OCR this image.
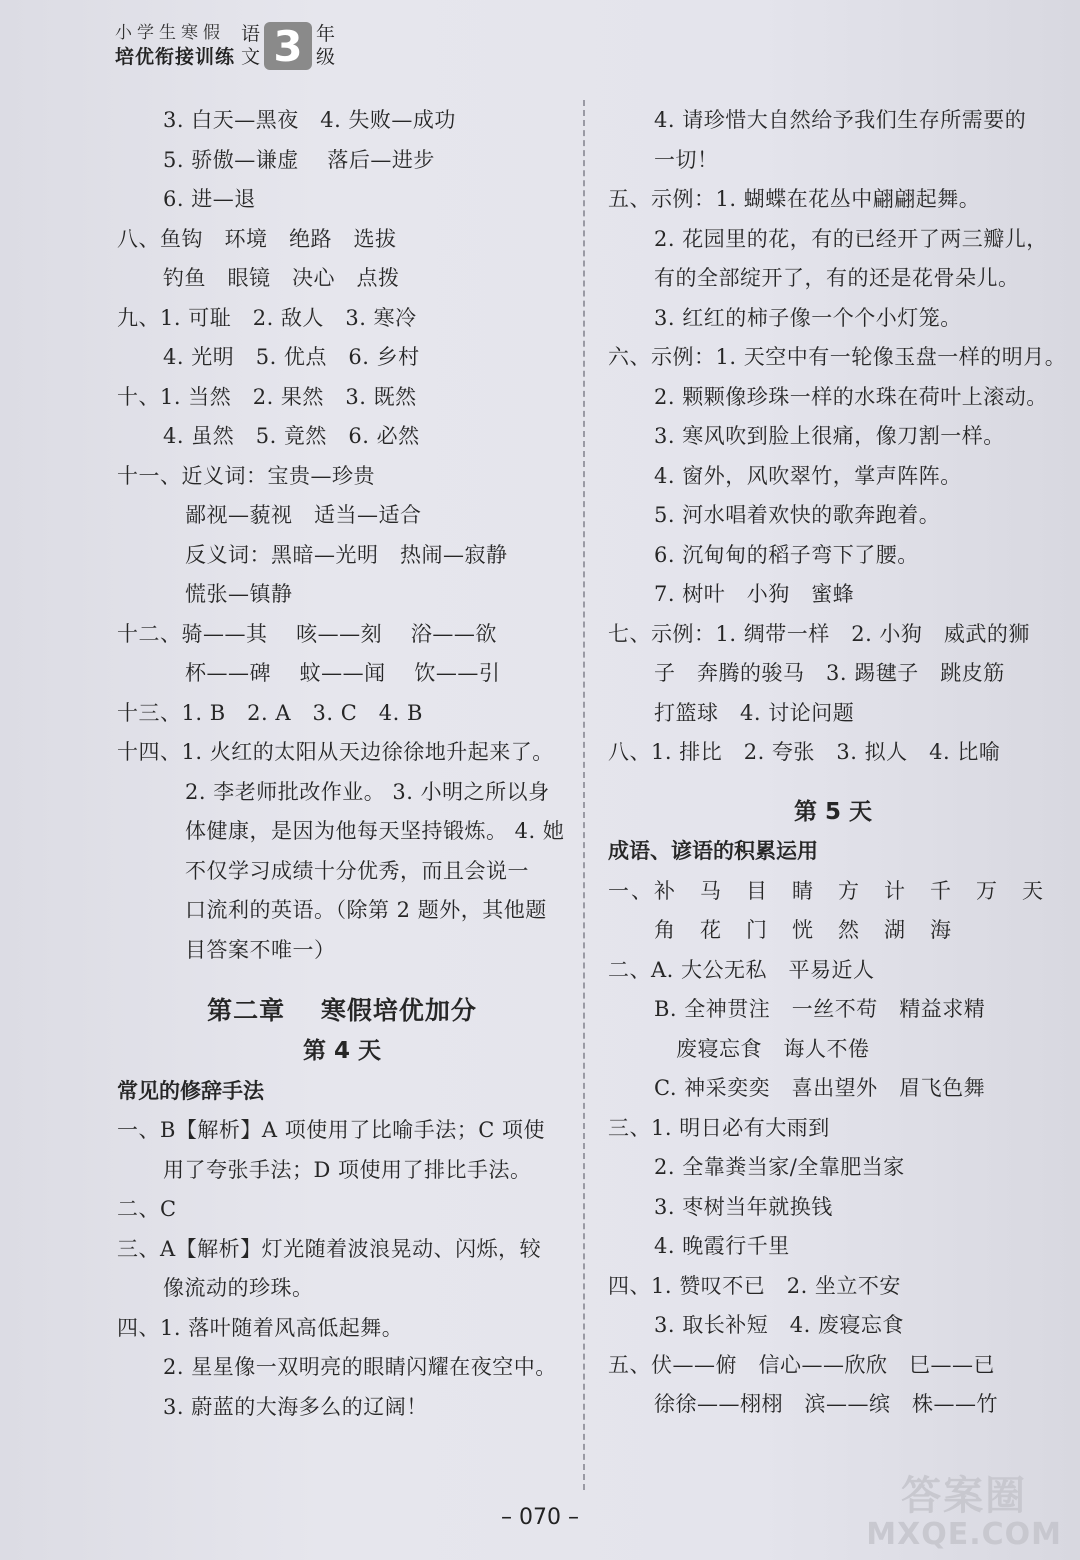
小学生寒假
培优衔接训练
语
文 3 年
级
3. 白天—黑夜　4. 失败—成功
5. 骄傲—谦虚　 落后—进步
6. 进—退
八、鱼钩　环境　绝路　选拔
钓鱼　眼镜　决心　点拨
九、1. 可耻　2. 敌人　3. 寒冷
4. 光明　5. 优点　6. 乡村
十、1. 当然　2. 果然　3. 既然
4. 虽然　5. 竟然　6. 必然
十一、近义词：宝贵—珍贵
鄙视—藐视　适当—适合
反义词：黑暗—光明　热闹—寂静
慌张—镇静
十二、骑——其　 咳——刻　 浴——欲
杯——碑　 蚊——闻　 饮——引
十三、1. B　2. A　3. C　4. B
十四、1. 火红的太阳从天边徐徐地升起来了。
2. 李老师批改作业。 3. 小明之所以身
体健康，是因为他每天坚持锻炼。 4. 她
不仅学习成绩十分优秀，而且会说一
口流利的英语。（除第 2 题外，其他题
目答案不唯一）
第二章　 寒假培优加分
第 4 天
常见的修辞手法
一、B【解析】A 项使用了比喻手法；C 项使
用了夸张手法；D 项使用了排比手法。
二、C
三、A【解析】灯光随着波浪晃动、闪烁，较
像流动的珍珠。
四、1. 落叶随着风高低起舞。
2. 星星像一双明亮的眼睛闪耀在夜空中。
3. 蔚蓝的大海多么的辽阔！
4. 请珍惜大自然给予我们生存所需要的
一切！
五、示例：1. 蝴蝶在花丛中翩翩起舞。
2. 花园里的花，有的已经开了两三瓣儿，
有的全部绽开了，有的还是花骨朵儿。
3. 红红的柿子像一个个小灯笼。
六、示例：1. 天空中有一轮像玉盘一样的明月。
2. 颗颗像珍珠一样的水珠在荷叶上滚动。
3. 寒风吹到脸上很痛，像刀割一样。
4. 窗外，风吹翠竹，掌声阵阵。
5. 河水唱着欢快的歌奔跑着。
6. 沉甸甸的稻子弯下了腰。
7. 树叶　小狗　蜜蜂
七、示例：1. 绸带一样　2. 小狗　威武的狮
子　奔腾的骏马　3. 踢毽子　跳皮筋
打篮球　4. 讨论问题
八、1. 排比　2. 夸张　3. 拟人　4. 比喻
第 5 天
成语、谚语的积累运用
一、补　马　目　睛　方　计　千　万　天
角　花　门　恍　然　湖　海
二、A. 大公无私　平易近人
B. 全神贯注　一丝不苟　精益求精
废寝忘食　诲人不倦
C. 神采奕奕　喜出望外　眉飞色舞
三、1. 明日必有大雨到
2. 全靠粪当家/全靠肥当家
3. 枣树当年就换钱
4. 晚霞行千里
四、1. 赞叹不已　2. 坐立不安
3. 取长补短　4. 废寝忘食
五、伏——俯　信心——欣欣　巳——已
徐徐——栩栩　滨——缤　株——竹
– 070 –	答案圈
MXQE.COM
